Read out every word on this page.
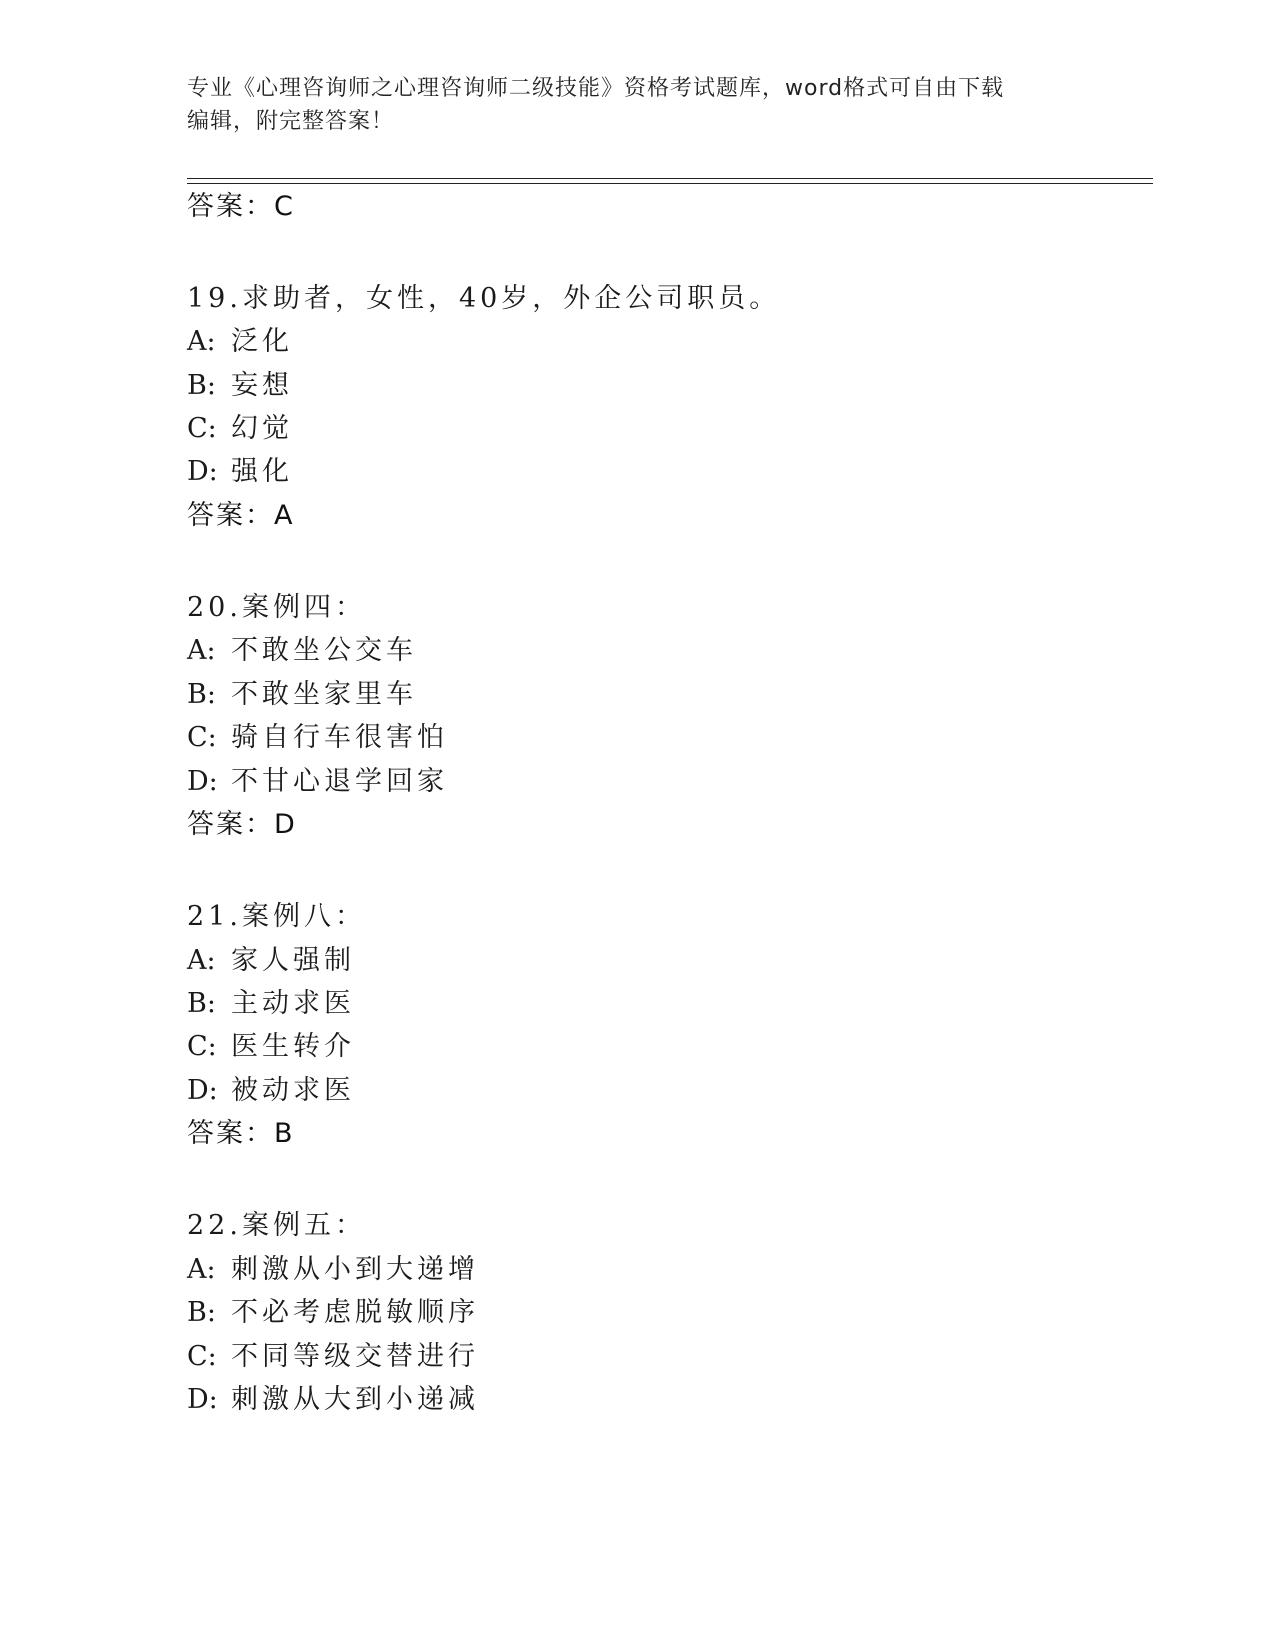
专业《心理咨询师之心理咨询师二级技能》资格考试题库，word格式可自由下载
编辑，附完整答案！
答案：C
19.求助者，女性，40岁，外企公司职员。
A: 泛化
B: 妄想
C: 幻觉
D: 强化
答案：A
20.案例四：
A: 不敢坐公交车
B: 不敢坐家里车
C: 骑自行车很害怕
D: 不甘心退学回家
答案：D
21.案例八：
A: 家人强制
B: 主动求医
C: 医生转介
D: 被动求医
答案：B
22.案例五：
A: 刺激从小到大递增
B: 不必考虑脱敏顺序
C: 不同等级交替进行
D: 刺激从大到小递减
